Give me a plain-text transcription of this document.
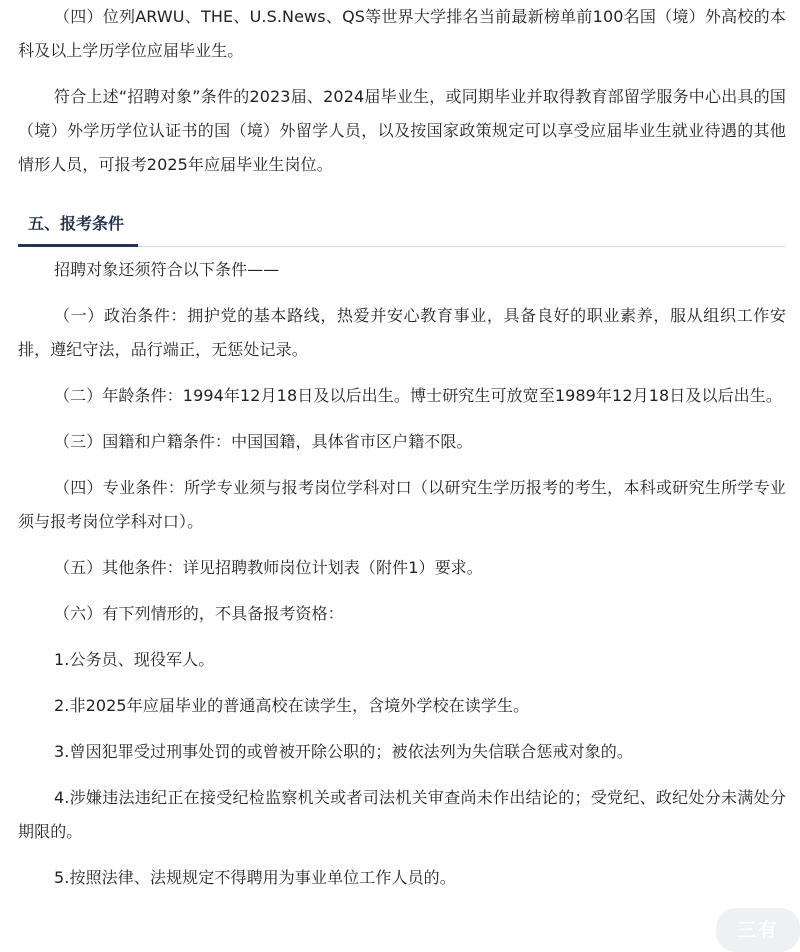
（四）位列ARWU、THE、U.S.News、QS等世界大学排名当前最新榜单前100名国（境）外高校的本科及以上学历学位应届毕业生。

符合上述“招聘对象”条件的2023届、2024届毕业生，或同期毕业并取得教育部留学服务中心出具的国（境）外学历学位认证书的国（境）外留学人员，以及按国家政策规定可以享受应届毕业生就业待遇的其他情形人员，可报考2025年应届毕业生岗位。

五、报考条件

招聘对象还须符合以下条件——

（一）政治条件：拥护党的基本路线，热爱并安心教育事业，具备良好的职业素养，服从组织工作安排，遵纪守法，品行端正，无惩处记录。

（二）年龄条件：1994年12月18日及以后出生。博士研究生可放宽至1989年12月18日及以后出生。

（三）国籍和户籍条件：中国国籍，具体省市区户籍不限。

（四）专业条件：所学专业须与报考岗位学科对口（以研究生学历报考的考生，本科或研究生所学专业须与报考岗位学科对口）。

（五）其他条件：详见招聘教师岗位计划表（附件1）要求。

（六）有下列情形的，不具备报考资格：

1.公务员、现役军人。

2.非2025年应届毕业的普通高校在读学生，含境外学校在读学生。

3.曾因犯罪受过刑事处罚的或曾被开除公职的；被依法列为失信联合惩戒对象的。

4.涉嫌违法违纪正在接受纪检监察机关或者司法机关审查尚未作出结论的；受党纪、政纪处分未满处分期限的。

5.按照法律、法规规定不得聘用为事业单位工作人员的。

三有
